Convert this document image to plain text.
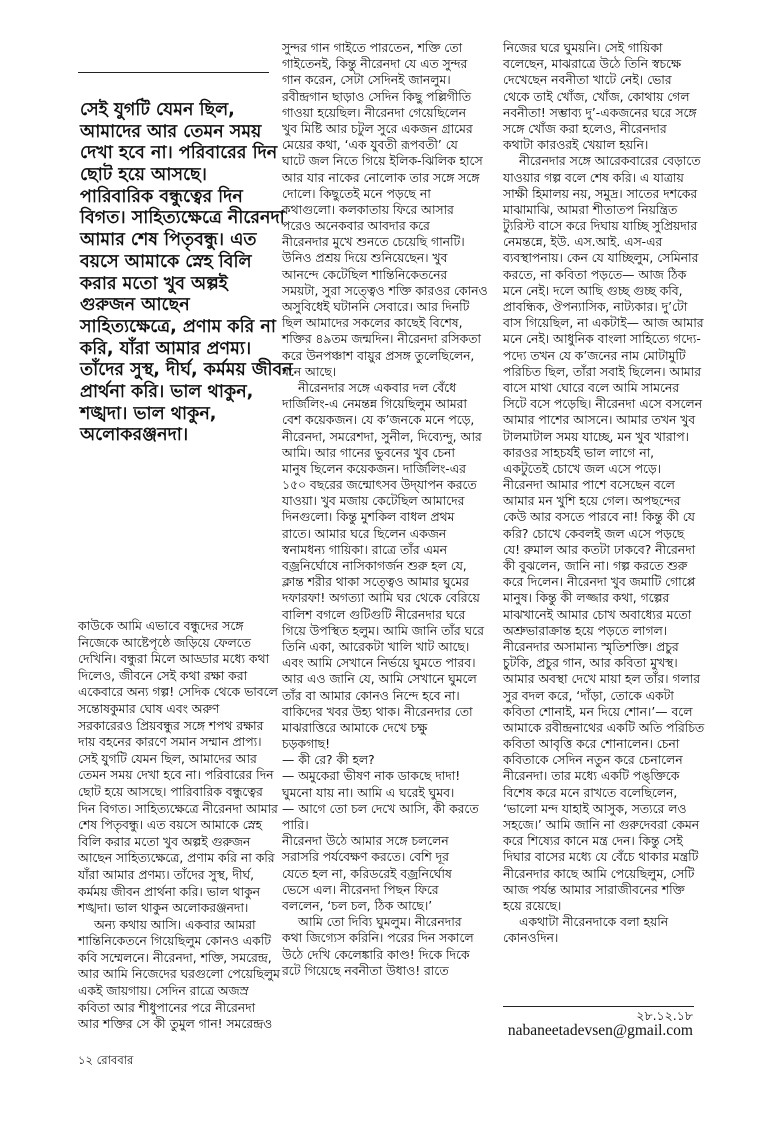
সেই যুগটি যেমন ছিল,
আমাদের আর তেমন সময়
দেখা হবে না। পরিবারের দিন
ছোট হয়ে আসছে।
পারিবারিক বন্ধুত্বের দিন
বিগত। সাহিত্যক্ষেত্রে নীরেনদা
আমার শেষ পিতৃবন্ধু। এত
বয়সে আমাকে স্নেহ বিলি
করার মতো খুব অল্পই
গুরুজন আছেন
সাহিত্যক্ষেত্রে, প্রণাম করি না
করি, যাঁরা আমার প্রণম্য।
তাঁদের সুস্থ, দীর্ঘ, কর্মময় জীবন
প্রার্থনা করি। ভাল থাকুন,
শঙ্খদা। ভাল থাকুন,
অলোকরঞ্জনদা।
কাউকে আমি এভাবে বন্ধুদের সঙ্গে
নিজেকে আষ্টেপৃষ্ঠে জড়িয়ে ফেলতে
দেখিনি। বন্ধুরা মিলে আড্ডার মধ্যে কথা
দিলেও, জীবনে সেই কথা রক্ষা করা
একেবারে অন্য গল্প! সেদিক থেকে ভাবলে
সন্তোষকুমার ঘোষ এবং অরুণ
সরকারেরও প্রিয়বন্ধুর সঙ্গে শপথ রক্ষার
দায় বহনের কারণে সমান সম্মান প্রাপ্য।
সেই যুগটি যেমন ছিল, আমাদের আর
তেমন সময় দেখা হবে না। পরিবারের দিন
ছোট হয়ে আসছে। পারিবারিক বন্ধুত্বের
দিন বিগত। সাহিত্যক্ষেত্রে নীরেনদা আমার
শেষ পিতৃবন্ধু। এত বয়সে আমাকে স্নেহ
বিলি করার মতো খুব অল্পই গুরুজন
আছেন সাহিত্যক্ষেত্রে, প্রণাম করি না করি
যাঁরা আমার প্রণম্য। তাঁদের সুস্থ, দীর্ঘ,
কর্মময় জীবন প্রার্থনা করি। ভাল থাকুন
শঙ্খদা। ভাল থাকুন অলোকরঞ্জনদা।
অন্য কথায় আসি। একবার আমরা
শান্তিনিকেতনে গিয়েছিলুম কোনও একটি
কবি সম্মেলনে। নীরেনদা, শক্তি, সমরেন্দ্র,
আর আমি নিজেদের ঘরগুলো পেয়েছিলুম
একই জায়গায়। সেদিন রাত্রে অজস্র
কবিতা আর শীধুপানের পরে নীরেনদা
আর শক্তির সে কী তুমুল গান! সমরেন্দ্রও
সুন্দর গান গাইতে পারতেন, শক্তি তো
গাইতেনই, কিন্তু নীরেনদা যে এত সুন্দর
গান করেন, সেটা সেদিনই জানলুম।
রবীন্দ্রগান ছাড়াও সেদিন কিছু পল্লিগীতি
গাওয়া হয়েছিল। নীরেনদা গেয়েছিলেন
খুব মিষ্টি আর চটুল সুরে একজন গ্রামের
মেয়ের কথা, ‘এক যুবতী রূপবতী’ যে
ঘাটে জল নিতে গিয়ে ইলিক-ঝিলিক হাসে
আর যার নাকের নোলোক তার সঙ্গে সঙ্গে
দোলে। কিছুতেই মনে পড়ছে না
কথাগুলো। কলকাতায় ফিরে আসার
পরেও অনেকবার আবদার করে
নীরেনদার মুখে শুনতে চেয়েছি গানটি।
উনিও প্রশ্রয় দিয়ে শুনিয়েছেন। খুব
আনন্দে কেটেছিল শান্তিনিকেতনের
সময়টা, সুরা সত্ত্বেও শক্তি কারওর কোনও
অসুবিধেই ঘটাননি সেবারে। আর দিনটি
ছিল আমাদের সকলের কাছেই বিশেষ,
শক্তির ৪৯তম জন্মদিন। নীরেনদা রসিকতা
করে উনপঞ্চাশ বায়ুর প্রসঙ্গ তুলেছিলেন,
মনে আছে।
নীরেনদার সঙ্গে একবার দল বেঁধে
দার্জিলিং-এ নেমন্তন্ন গিয়েছিলুম আমরা
বেশ কয়েকজন। যে ক’জনকে মনে পড়ে,
নীরেনদা, সমরেশদা, সুনীল, দিব্যেন্দু, আর
আমি। আর গানের ভুবনের খুব চেনা
মানুষ ছিলেন কয়েকজন। দার্জিলিং-এর
১৫০ বছরের জন্মোৎসব উদ্‌যাপন করতে
যাওয়া। খুব মজায় কেটেছিল আমাদের
দিনগুলো। কিন্তু মুশকিল বাধল প্রথম
রাতে। আমার ঘরে ছিলেন একজন
স্বনামধন্য গায়িকা। রাত্রে তাঁর এমন
বজ্রনির্ঘোষে নাসিকাগর্জন শুরু হল যে,
ক্লান্ত শরীর থাকা সত্ত্বেও আমার ঘুমের
দফারফা! অগত্যা আমি ঘর থেকে বেরিয়ে
বালিশ বগলে গুটিগুটি নীরেনদার ঘরে
গিয়ে উপস্থিত হলুম। আমি জানি তাঁর ঘরে
তিনি একা, আরেকটা খালি খাট আছে।
এবং আমি সেখানে নির্ভয়ে ঘুমতে পারব।
আর এও জানি যে, আমি সেখানে ঘুমলে
তাঁর বা আমার কোনও নিন্দে হবে না।
বাকিদের খবর উহ্য থাক। নীরেনদার তো
মাঝরাত্তিরে আমাকে দেখে চক্ষু
চড়কগাছ!
— কী রে? কী হল?
— অমুকেরা ভীষণ নাক ডাকছে দাদা!
ঘুমনো যায় না। আমি এ ঘরেই ঘুমব।
— আগে তো চল দেখে আসি, কী করতে
পারি।
নীরেনদা উঠে আমার সঙ্গে চললেন
সরাসরি পর্যবেক্ষণ করতে। বেশি দূর
যেতে হল না, করিডরেই বজ্রনির্ঘোষ
ভেসে এল। নীরেনদা পিছন ফিরে
বললেন, ‘চল চল, ঠিক আছে।’
আমি তো দিব্যি ঘুমলুম। নীরেনদার
কথা জিগ্যেস করিনি। পরের দিন সকালে
উঠে দেখি কেলেঙ্কারি কাণ্ড! দিকে দিকে
রটে গিয়েছে নবনীতা উধাও! রাতে
নিজের ঘরে ঘুময়নি। সেই গায়িকা
বলেছেন, মাঝরাত্রে উঠে তিনি স্বচক্ষে
দেখেছেন নবনীতা খাটে নেই। ভোর
থেকে তাই খোঁজ, খোঁজ, কোথায় গেল
নবনীতা! সম্ভাব্য দু’-একজনের ঘরে সঙ্গে
সঙ্গে খোঁজ করা হলেও, নীরেনদার
কথাটা কারওরই খেয়াল হয়নি।
নীরেনদার সঙ্গে আরেকবারের বেড়াতে
যাওয়ার গল্প বলে শেষ করি। এ যাত্রায়
সাক্ষী হিমালয় নয়, সমুদ্র। সাতের দশকের
মাঝামাঝি, আমরা শীতাতপ নিয়ন্ত্রিত
ট্যুরিস্ট বাসে করে দিঘায় যাচ্ছি সুপ্রিয়দার
নেমন্তন্নে, ইউ. এস.আই. এস-এর
ব্যবস্থাপনায়। কেন যে যাচ্ছিলুম, সেমিনার
করতে, না কবিতা পড়তে— আজ ঠিক
মনে নেই। দলে আছি গুচ্ছ গুচ্ছ কবি,
প্রাবন্ধিক, ঔপন্যাসিক, নাট্যকার। দু’টো
বাস গিয়েছিল, না একটাই— আজ আমার
মনে নেই। আধুনিক বাংলা সাহিত্যে গদ্যে-
পদ্যে তখন যে ক’জনের নাম মোটামুটি
পরিচিত ছিল, তাঁরা সবাই ছিলেন। আমার
বাসে মাথা ঘোরে বলে আমি সামনের
সিটে বসে পড়েছি। নীরেনদা এসে বসলেন
আমার পাশের আসনে। আমার তখন খুব
টালমাটাল সময় যাচ্ছে, মন খুব খারাপ।
কারওর সাহচর্যই ভাল লাগে না,
একটুতেই চোখে জল এসে পড়ে।
নীরেনদা আমার পাশে বসেছেন বলে
আমার মন খুশি হয়ে গেল। অপছন্দের
কেউ আর বসতে পারবে না! কিন্তু কী যে
করি? চোখে কেবলই জল এসে পড়ছে
যে! রুমাল আর কতটা ঢাকবে? নীরেনদা
কী বুঝলেন, জানি না। গল্প করতে শুরু
করে দিলেন। নীরেনদা খুব জমাটি গোপ্পে
মানুষ। কিন্তু কী লজ্জার কথা, গল্পের
মাঝখানেই আমার চোখ অবাধ্যের মতো
অশ্রুভারাক্রান্ত হয়ে পড়তে লাগল।
নীরেনদার অসামান্য স্মৃতিশক্তি। প্রচুর
চুটকি, প্রচুর গান, আর কবিতা মুখস্থ।
আমার অবস্থা দেখে মায়া হল তাঁর। গলার
সুর বদল করে, ‘দাঁড়া, তোকে একটা
কবিতা শোনাই, মন দিয়ে শোন।’— বলে
আমাকে রবীন্দ্রনাথের একটি অতি পরিচিত
কবিতা আবৃত্তি করে শোনালেন। চেনা
কবিতাকে সেদিন নতুন করে চেনালেন
নীরেনদা। তার মধ্যে একটি পঙ্‌ক্তিকে
বিশেষ করে মনে রাখতে বলেছিলেন,
‘ভালো মন্দ যাহাই আসুক, সত্যরে লও
সহজে।’ আমি জানি না গুরুদেবরা কেমন
করে শিষ্যের কানে মন্ত্র দেন। কিন্তু সেই
দিঘার বাসের মধ্যে যে বেঁচে থাকার মন্ত্রটি
নীরেনদার কাছে আমি পেয়েছিলুম, সেটি
আজ পর্যন্ত আমার সারাজীবনের শক্তি
হয়ে রয়েছে।
একথাটা নীরেনদাকে বলা হয়নি
কোনওদিন।
২৮.১২.১৮
nabaneetadevsen@gmail.com
১২ রোববার
